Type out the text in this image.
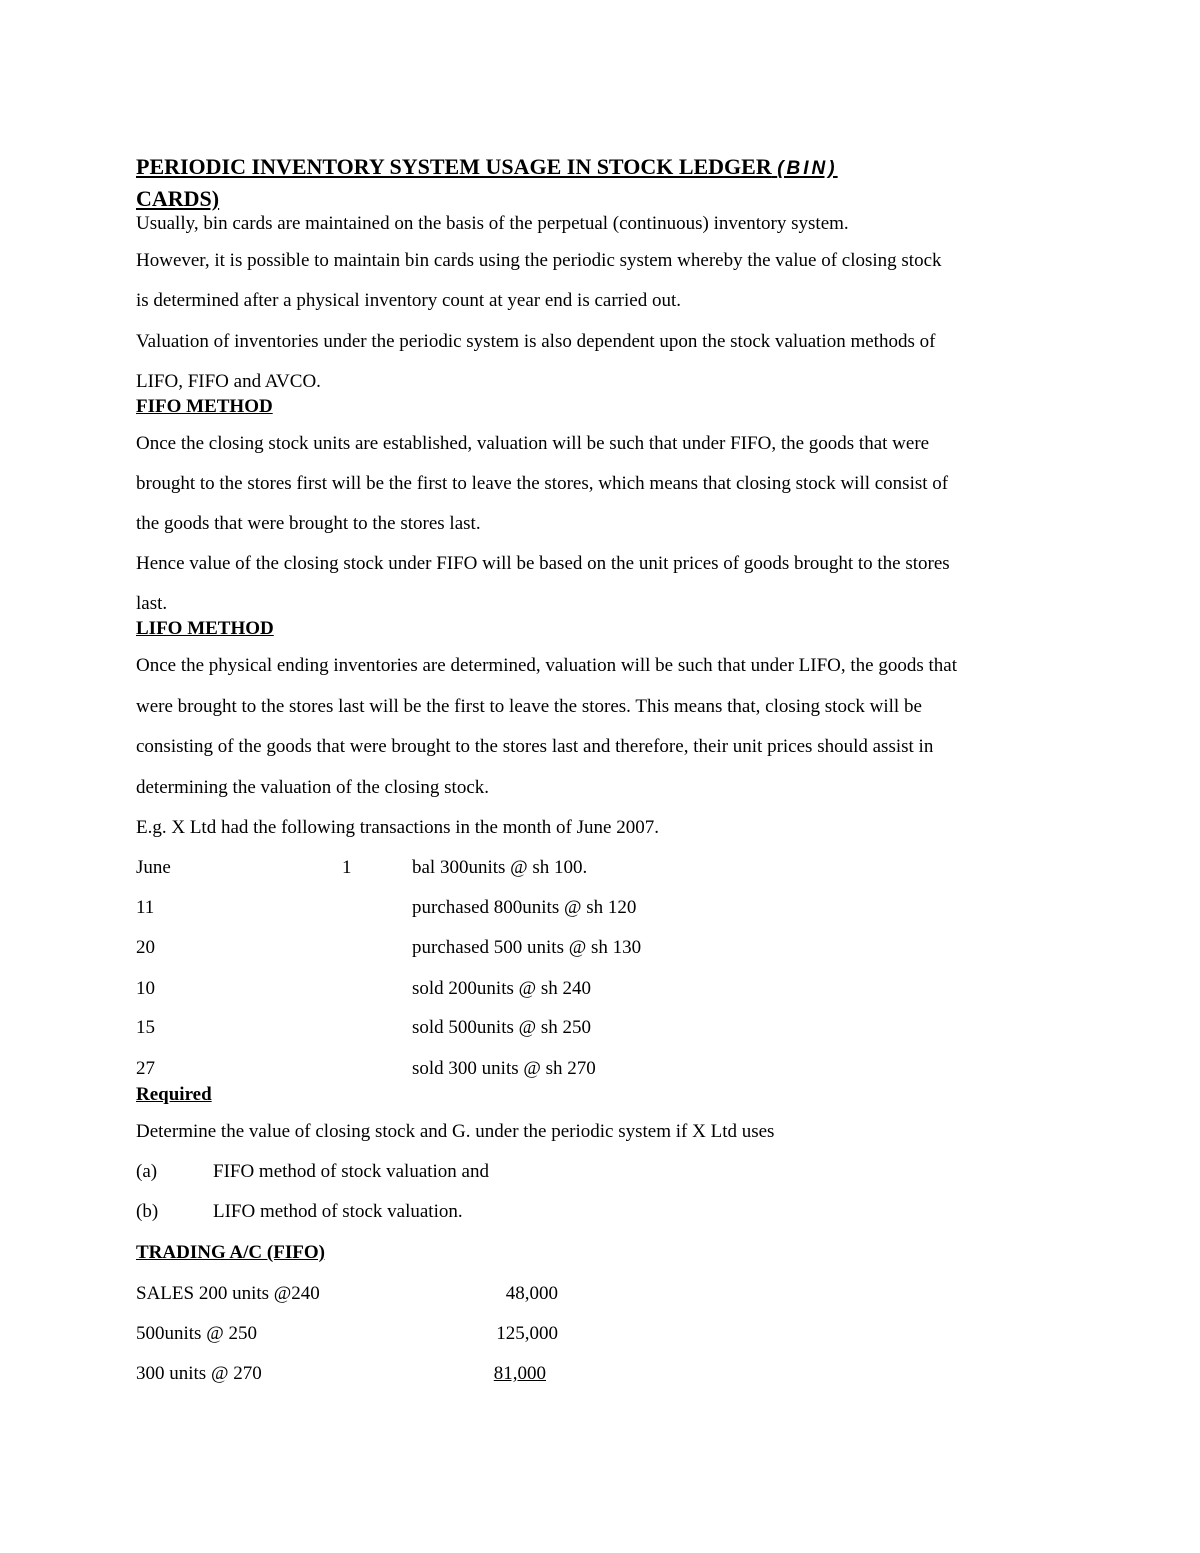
PERIODIC INVENTORY SYSTEM USAGE IN STOCK LEDGER (BIN)
CARDS)
Usually, bin cards are maintained on the basis of the perpetual (continuous) inventory system.
However, it is possible to maintain bin cards using the periodic system whereby the value of closing stock
is determined after a physical inventory count at year end is carried out.
Valuation of inventories under the periodic system is also dependent upon the stock valuation methods of
LIFO, FIFO and AVCO.
FIFO METHOD
Once the closing stock units are established, valuation will be such that under FIFO, the goods that were
brought to the stores first will be the first to leave the stores, which means that closing stock will consist of
the goods that were brought to the stores last.
Hence value of the closing stock under FIFO will be based on the unit prices of goods brought to the stores
last.
LIFO METHOD
Once the physical ending inventories are determined, valuation will be such that under LIFO, the goods that
were brought to the stores last will be the first to leave the stores. This means that, closing stock will be
consisting of the goods that were brought to the stores last and therefore, their unit prices should assist in
determining the valuation of the closing stock.
E.g. X Ltd had the following transactions in the month of June 2007.
June	1	bal 300units @ sh 100.
11	purchased 800units @ sh 120
20	purchased 500 units @ sh 130
10	sold 200units @ sh 240
15	sold 500units @ sh 250
27	sold 300 units @ sh 270
Required
Determine the value of closing stock and G. under the periodic system if X Ltd uses
(a)	FIFO method of stock valuation and
(b)	LIFO method of stock valuation.
TRADING A/C (FIFO)
SALES 200 units @240	48,000
500units @ 250	125,000
300 units @ 270	81,000
